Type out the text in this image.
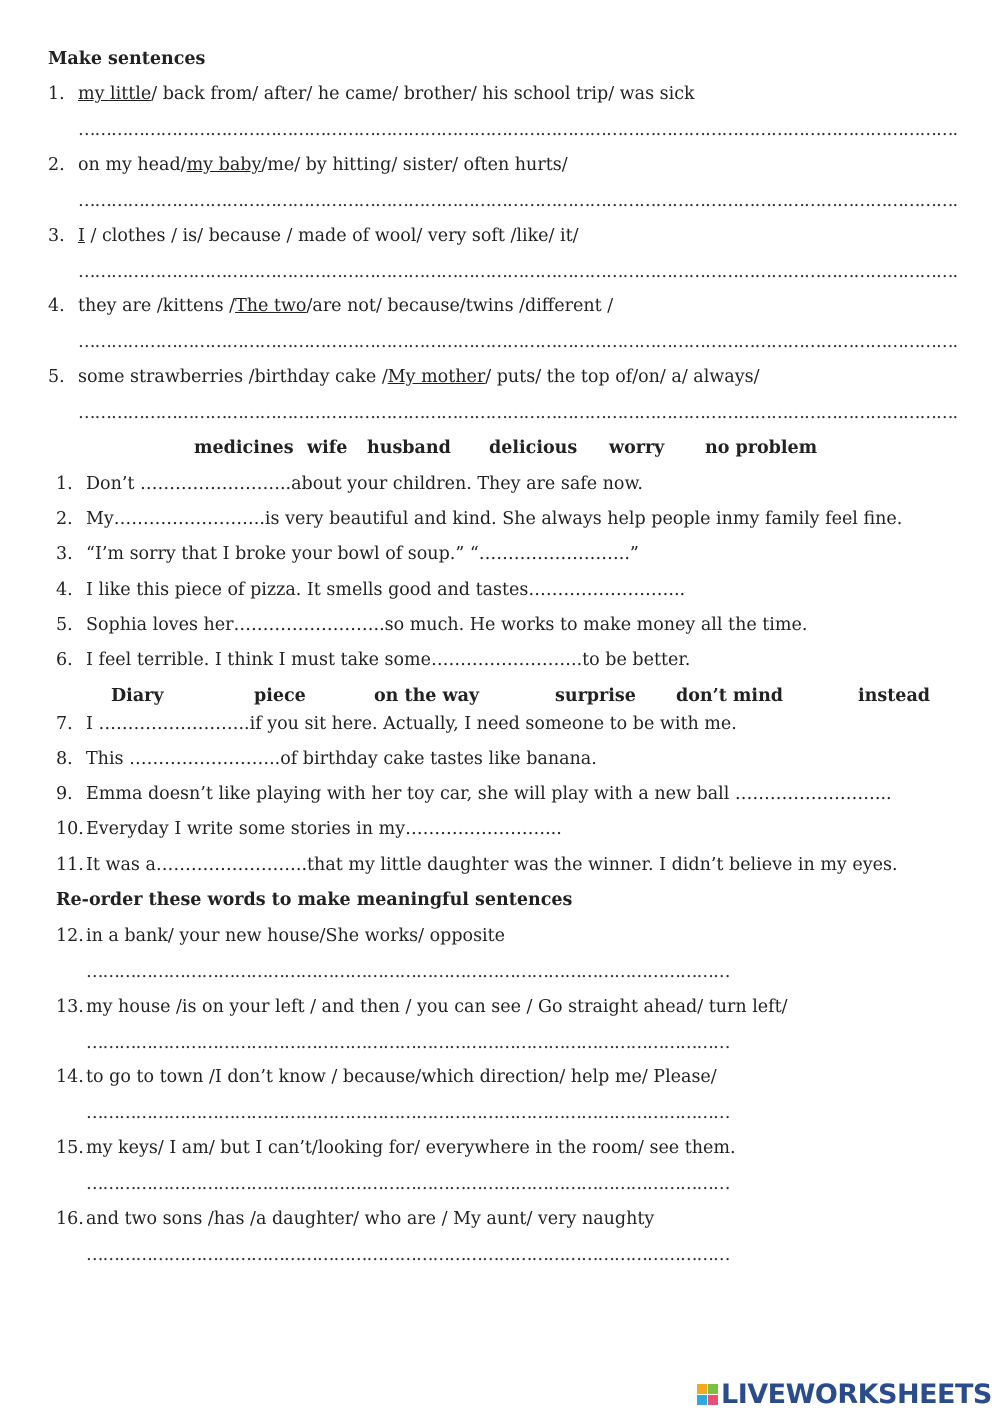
Make sentences
1. my little/ back from/ after/ he came/ brother/ his school trip/ was sick
…………………………………………………………………………………………………………………………………………….
2. on my head/my baby/me/ by hitting/ sister/ often hurts/
…………………………………………………………………………………………………………………………………………….
3. I / clothes / is/ because / made of wool/ very soft /like/ it/
…………………………………………………………………………………………………………………………………………….
4. they are /kittens /The two/are not/ because/twins /different /
…………………………………………………………………………………………………………………………………………….
5. some strawberries /birthday cake /My mother/ puts/ the top of/on/ a/ always/
…………………………………………………………………………………………………………………………………………….
medicines wife husband delicious worry no problem
1. Don’t ……………………..about your children. They are safe now.
2. My……………………..is very beautiful and kind. She always help people inmy family feel fine.
3. “I’m sorry that I broke your bowl of soup.” “……………………..”
4. I like this piece of pizza. It smells good and tastes……………………...
5. Sophia loves her……………………..so much. He works to make money all the time.
6. I feel terrible. I think I must take some……………………..to be better.
Diary	piece	on the way	surprise don’t mind	instead
7. I ……………………..if you sit here. Actually, I need someone to be with me.
8. This ……………………..of birthday cake tastes like banana.
9. Emma doesn’t like playing with her toy car, she will play with a new ball ……………………...
10. Everyday I write some stories in my……………………...
11. It was a……………………..that my little daughter was the winner. I didn’t believe in my eyes.
Re-order these words to make meaningful sentences
12. in a bank/ your new house/She works/ opposite
………………………………………………………………………………………………………
13. my house /is on your left / and then / you can see / Go straight ahead/ turn left/
………………………………………………………………………………………………………
14. to go to town /I don’t know / because/which direction/ help me/ Please/
………………………………………………………………………………………………………
15. my keys/ I am/ but I can’t/looking for/ everywhere in the room/ see them.
………………………………………………………………………………………………………
16. and two sons /has /a daughter/ who are / My aunt/ very naughty
………………………………………………………………………………………………………
LIVEWORKSHEETS
